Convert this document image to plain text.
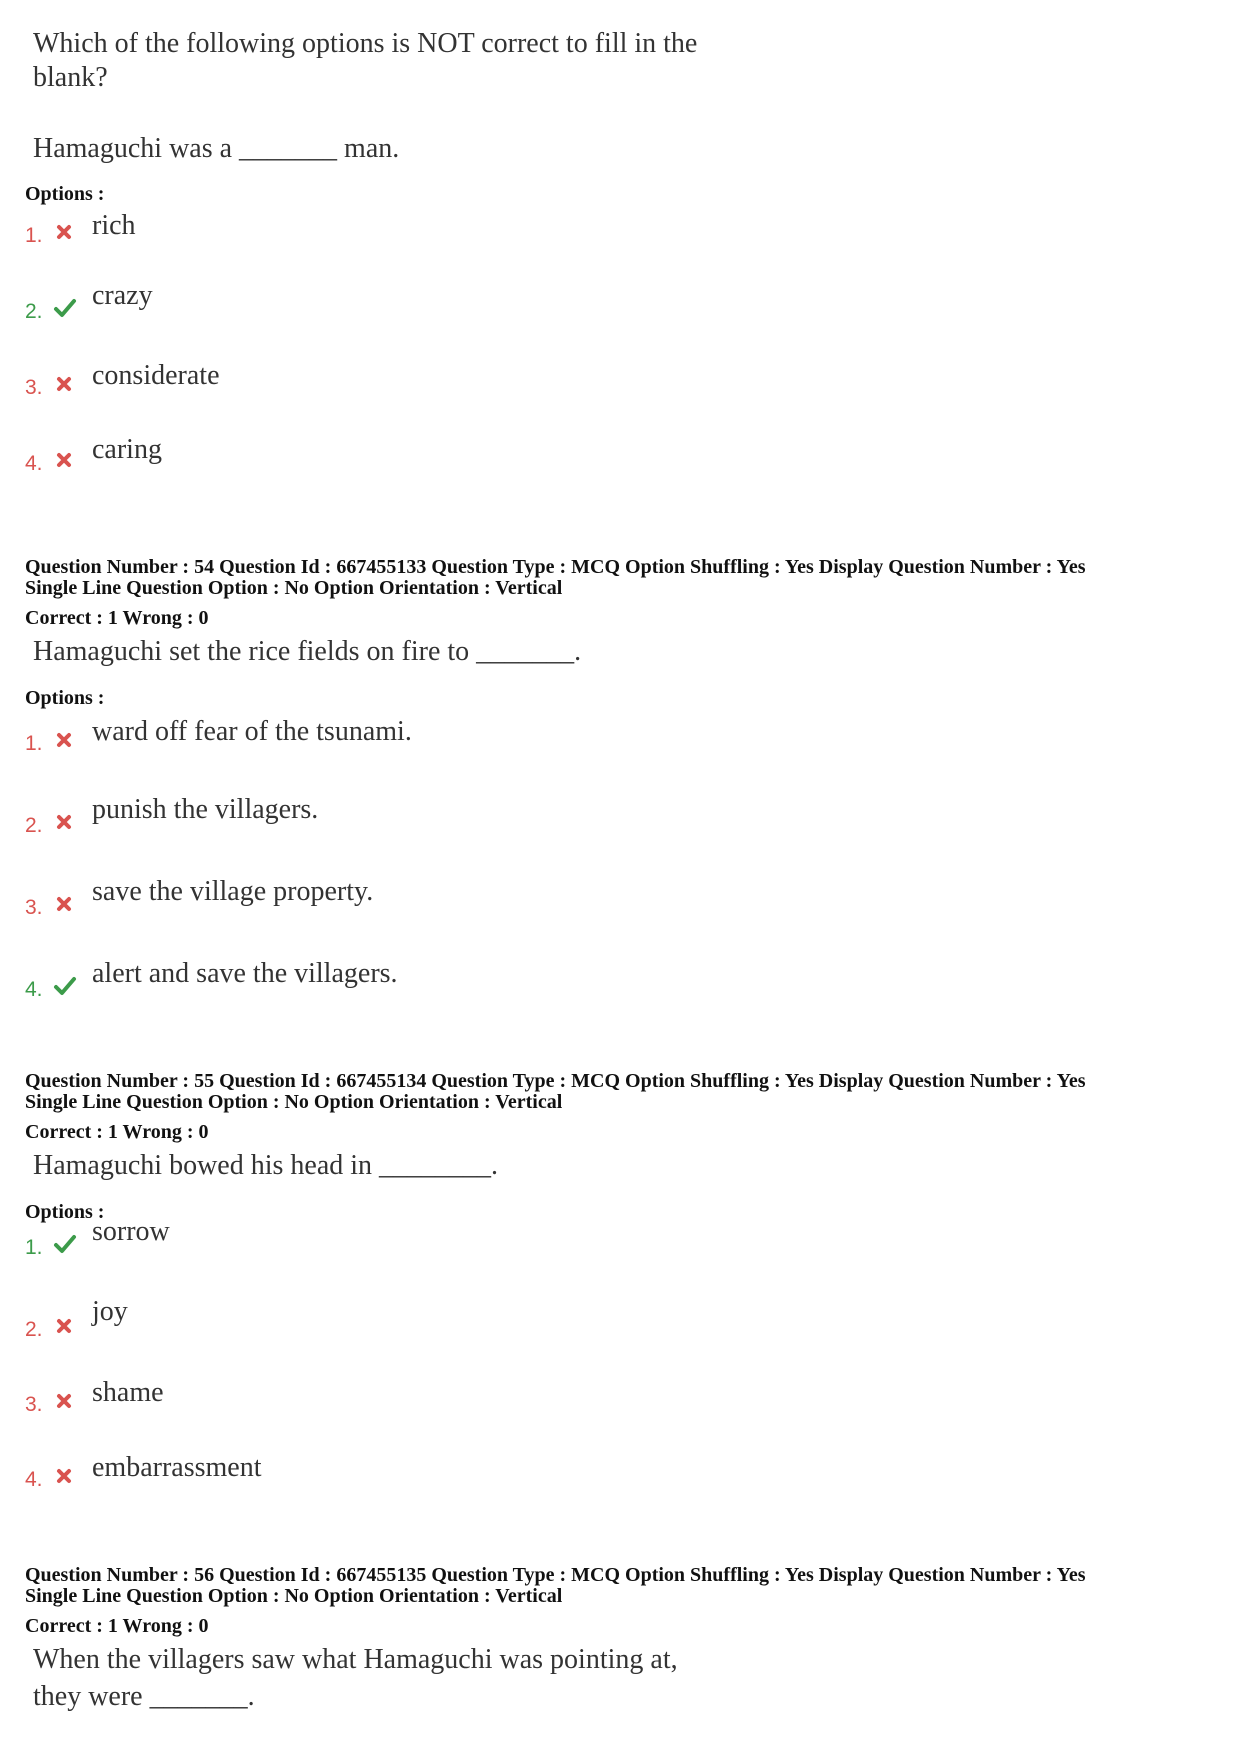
Which of the following options is NOT correct to fill in the
blank?
Hamaguchi was a _______ man.
Options :
1. rich
2.
crazy
3. considerate
4. caring
Question Number : 54 Question Id : 667455133 Question Type : MCQ Option Shuffling : Yes Display Question Number : Yes
Single Line Question Option : No Option Orientation : Vertical
Correct : 1 Wrong : 0
Hamaguchi set the rice fields on fire to _______.
Options :
1. ward off fear of the tsunami.
2.
punish the villagers.
3.
save the village property.
4.
alert and save the villagers.
Question Number : 55 Question Id : 667455134 Question Type : MCQ Option Shuffling : Yes Display Question Number : Yes
Single Line Question Option : No Option Orientation : Vertical
Correct : 1 Wrong : 0
Hamaguchi bowed his head in ________.
Options :
1.
sorrow
2.
joy
3. shame
4. embarrassment
Question Number : 56 Question Id : 667455135 Question Type : MCQ Option Shuffling : Yes Display Question Number : Yes
Single Line Question Option : No Option Orientation : Vertical
Correct : 1 Wrong : 0
When the villagers saw what Hamaguchi was pointing at,
they were _______.
